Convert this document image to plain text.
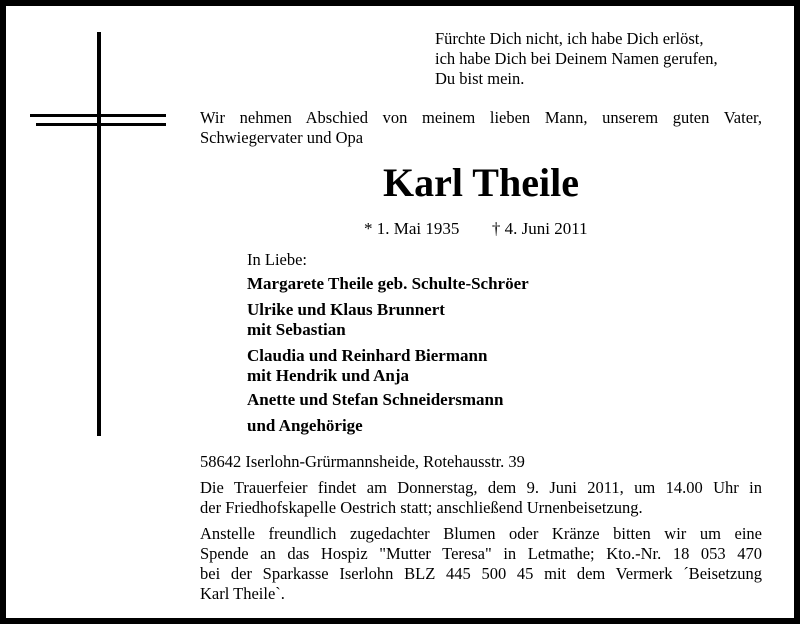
Fürchte Dich nicht, ich habe Dich erlöst,
ich habe Dich bei Deinem Namen gerufen,
Du bist mein.
Wir nehmen Abschied von meinem lieben Mann, unserem guten Vater,
Schwiegervater und Opa
Karl Theile
* 1. Mai 1935 † 4. Juni 2011
In Liebe:
Margarete Theile geb. Schulte-Schröer
Ulrike und Klaus Brunnert
mit Sebastian
Claudia und Reinhard Biermann
mit Hendrik und Anja
Anette und Stefan Schneidersmann
und Angehörige
58642 Iserlohn-Grürmannsheide, Rotehausstr. 39
Die Trauerfeier findet am Donnerstag, dem 9. Juni 2011, um 14.00 Uhr in
der Friedhofskapelle Oestrich statt; anschließend Urnenbeisetzung.
Anstelle freundlich zugedachter Blumen oder Kränze bitten wir um eine
Spende an das Hospiz "Mutter Teresa" in Letmathe; Kto.-Nr. 18 053 470
bei der Sparkasse Iserlohn BLZ 445 500 45 mit dem Vermerk ´Beisetzung
Karl Theile`.
